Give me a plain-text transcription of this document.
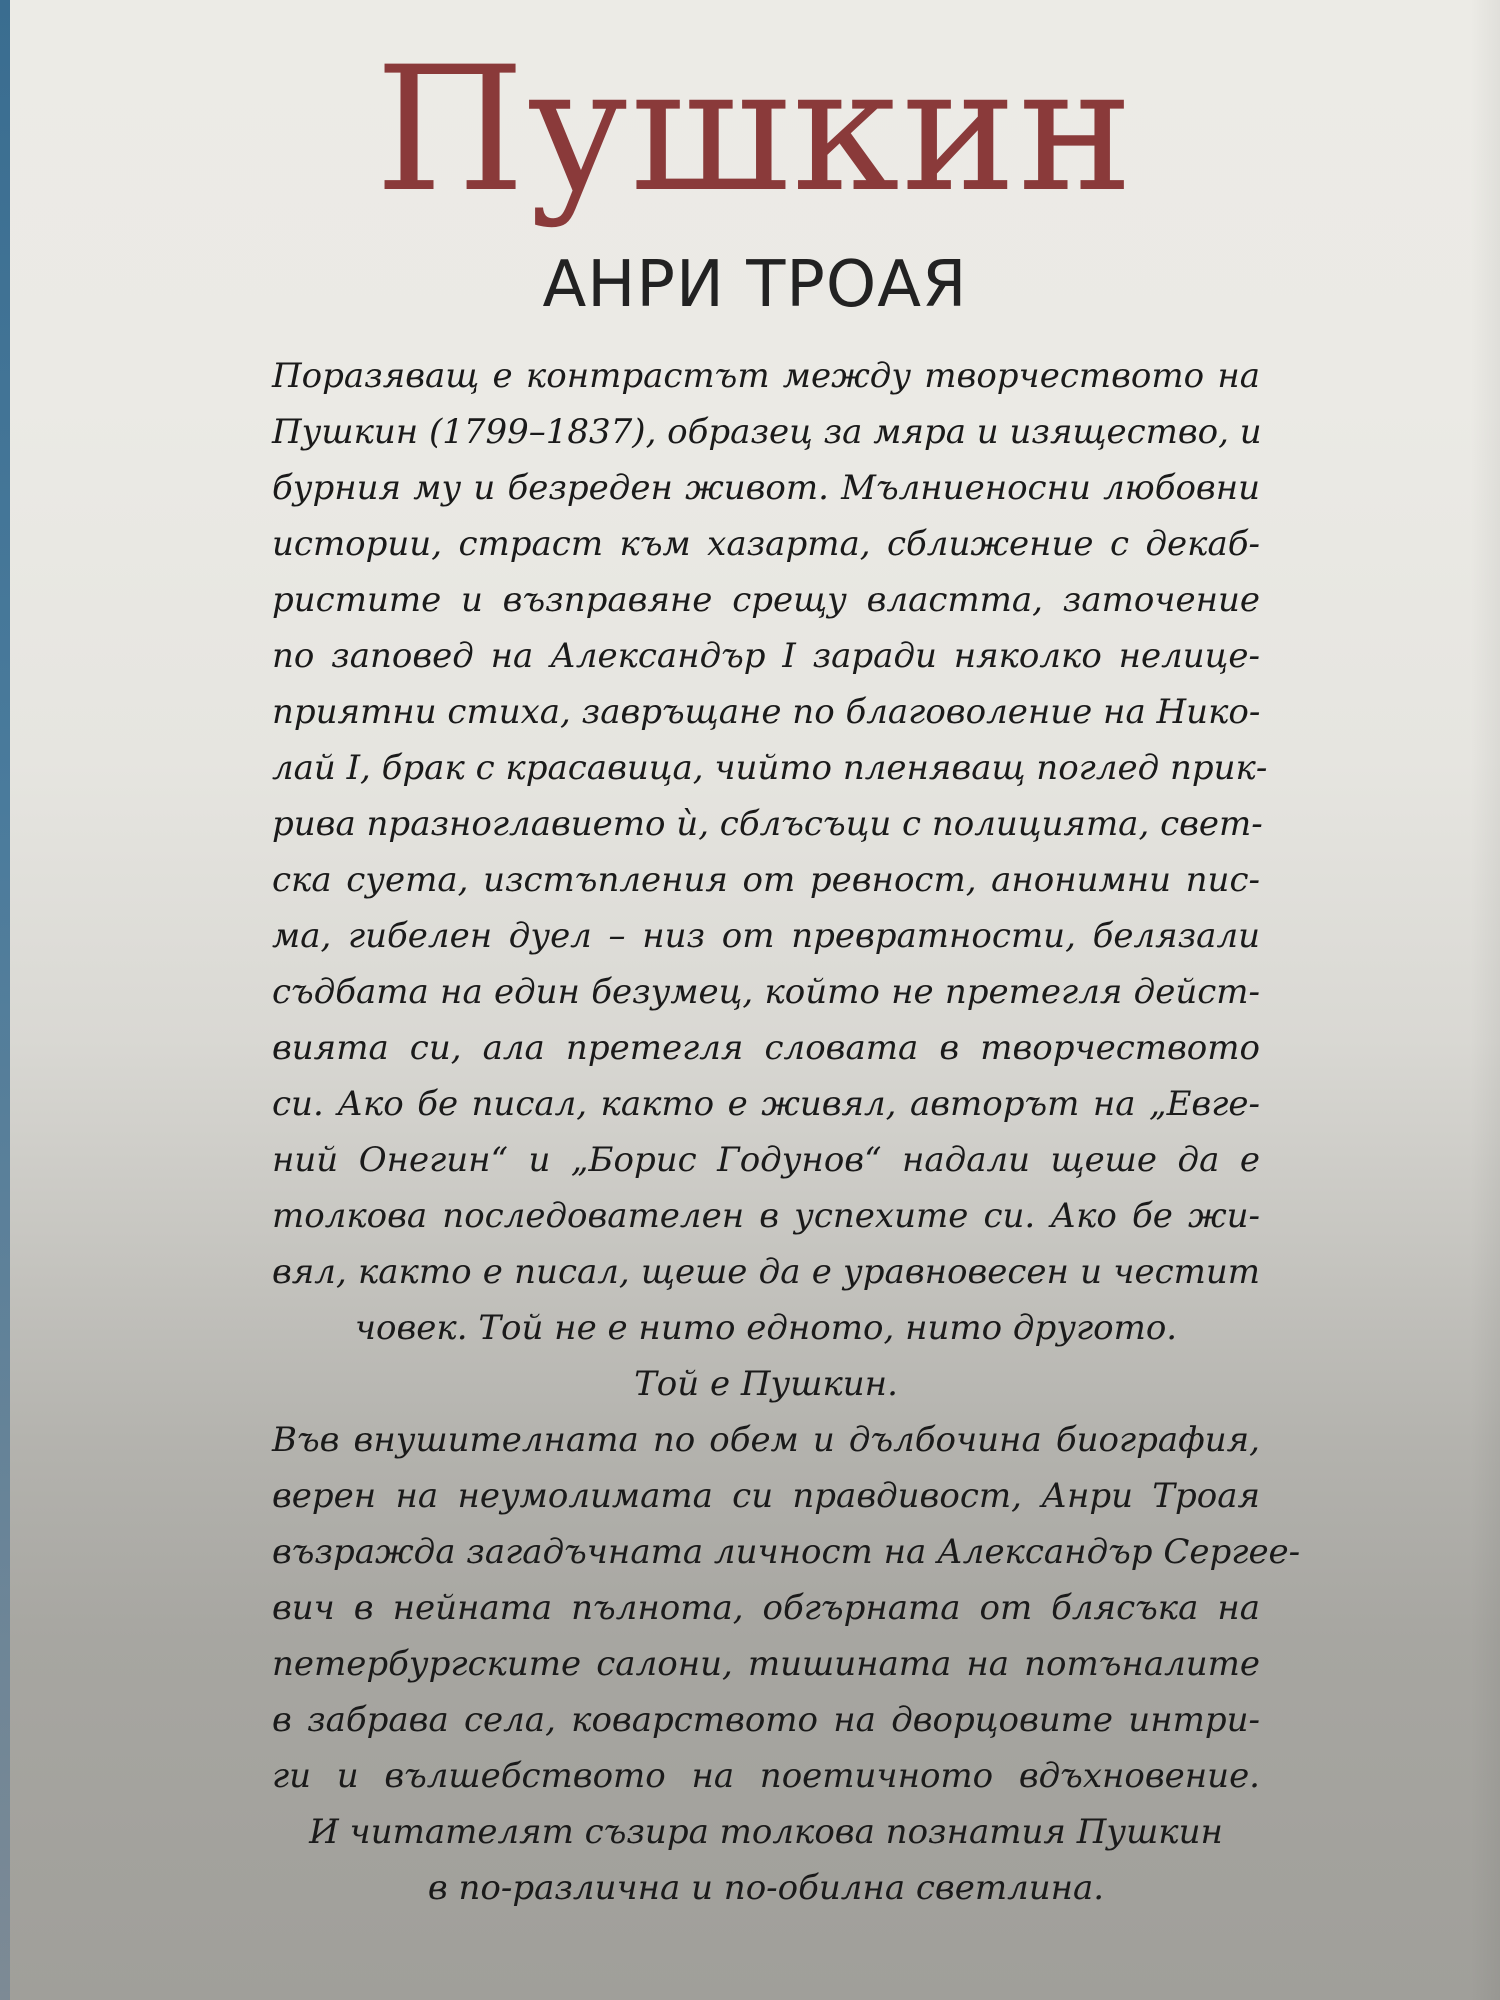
Пушкин
АНРИ ТРОАЯ
Поразяващ е контрастът между творчеството на
Пушкин (1799–1837), образец за мяра и изящество, и
бурния му и безреден живот. Мълниеносни любовни
истории, страст към хазарта, сближение с декаб-
ристите и възправяне срещу властта, заточение
по заповед на Александър I заради няколко нелице-
приятни стиха, завръщане по благоволение на Нико-
лай I, брак с красавица, чийто пленяващ поглед прик-
рива празноглавието ѝ, сблъсъци с полицията, свет-
ска суета, изстъпления от ревност, анонимни пис-
ма, гибелен дуел – низ от превратности, белязали
съдбата на един безумец, който не претегля дейст-
вията си, ала претегля словата в творчеството
си. Ако бе писал, както е живял, авторът на „Евге-
ний Онегин“ и „Борис Годунов“ надали щеше да е
толкова последователен в успехите си. Ако бе жи-
вял, както е писал, щеше да е уравновесен и честит
човек. Той не е нито едното, нито другото.
Той е Пушкин.
Във внушителната по обем и дълбочина биография,
верен на неумолимата си правдивост, Анри Троая
възражда загадъчната личност на Александър Сергее-
вич в нейната пълнота, обгърната от блясъка на
петербургските салони, тишината на потъналите
в забрава села, коварството на дворцовите интри-
ги и вълшебството на поетичното вдъхновение.
И читателят съзира толкова познатия Пушкин
в по-различна и по-обилна светлина.
